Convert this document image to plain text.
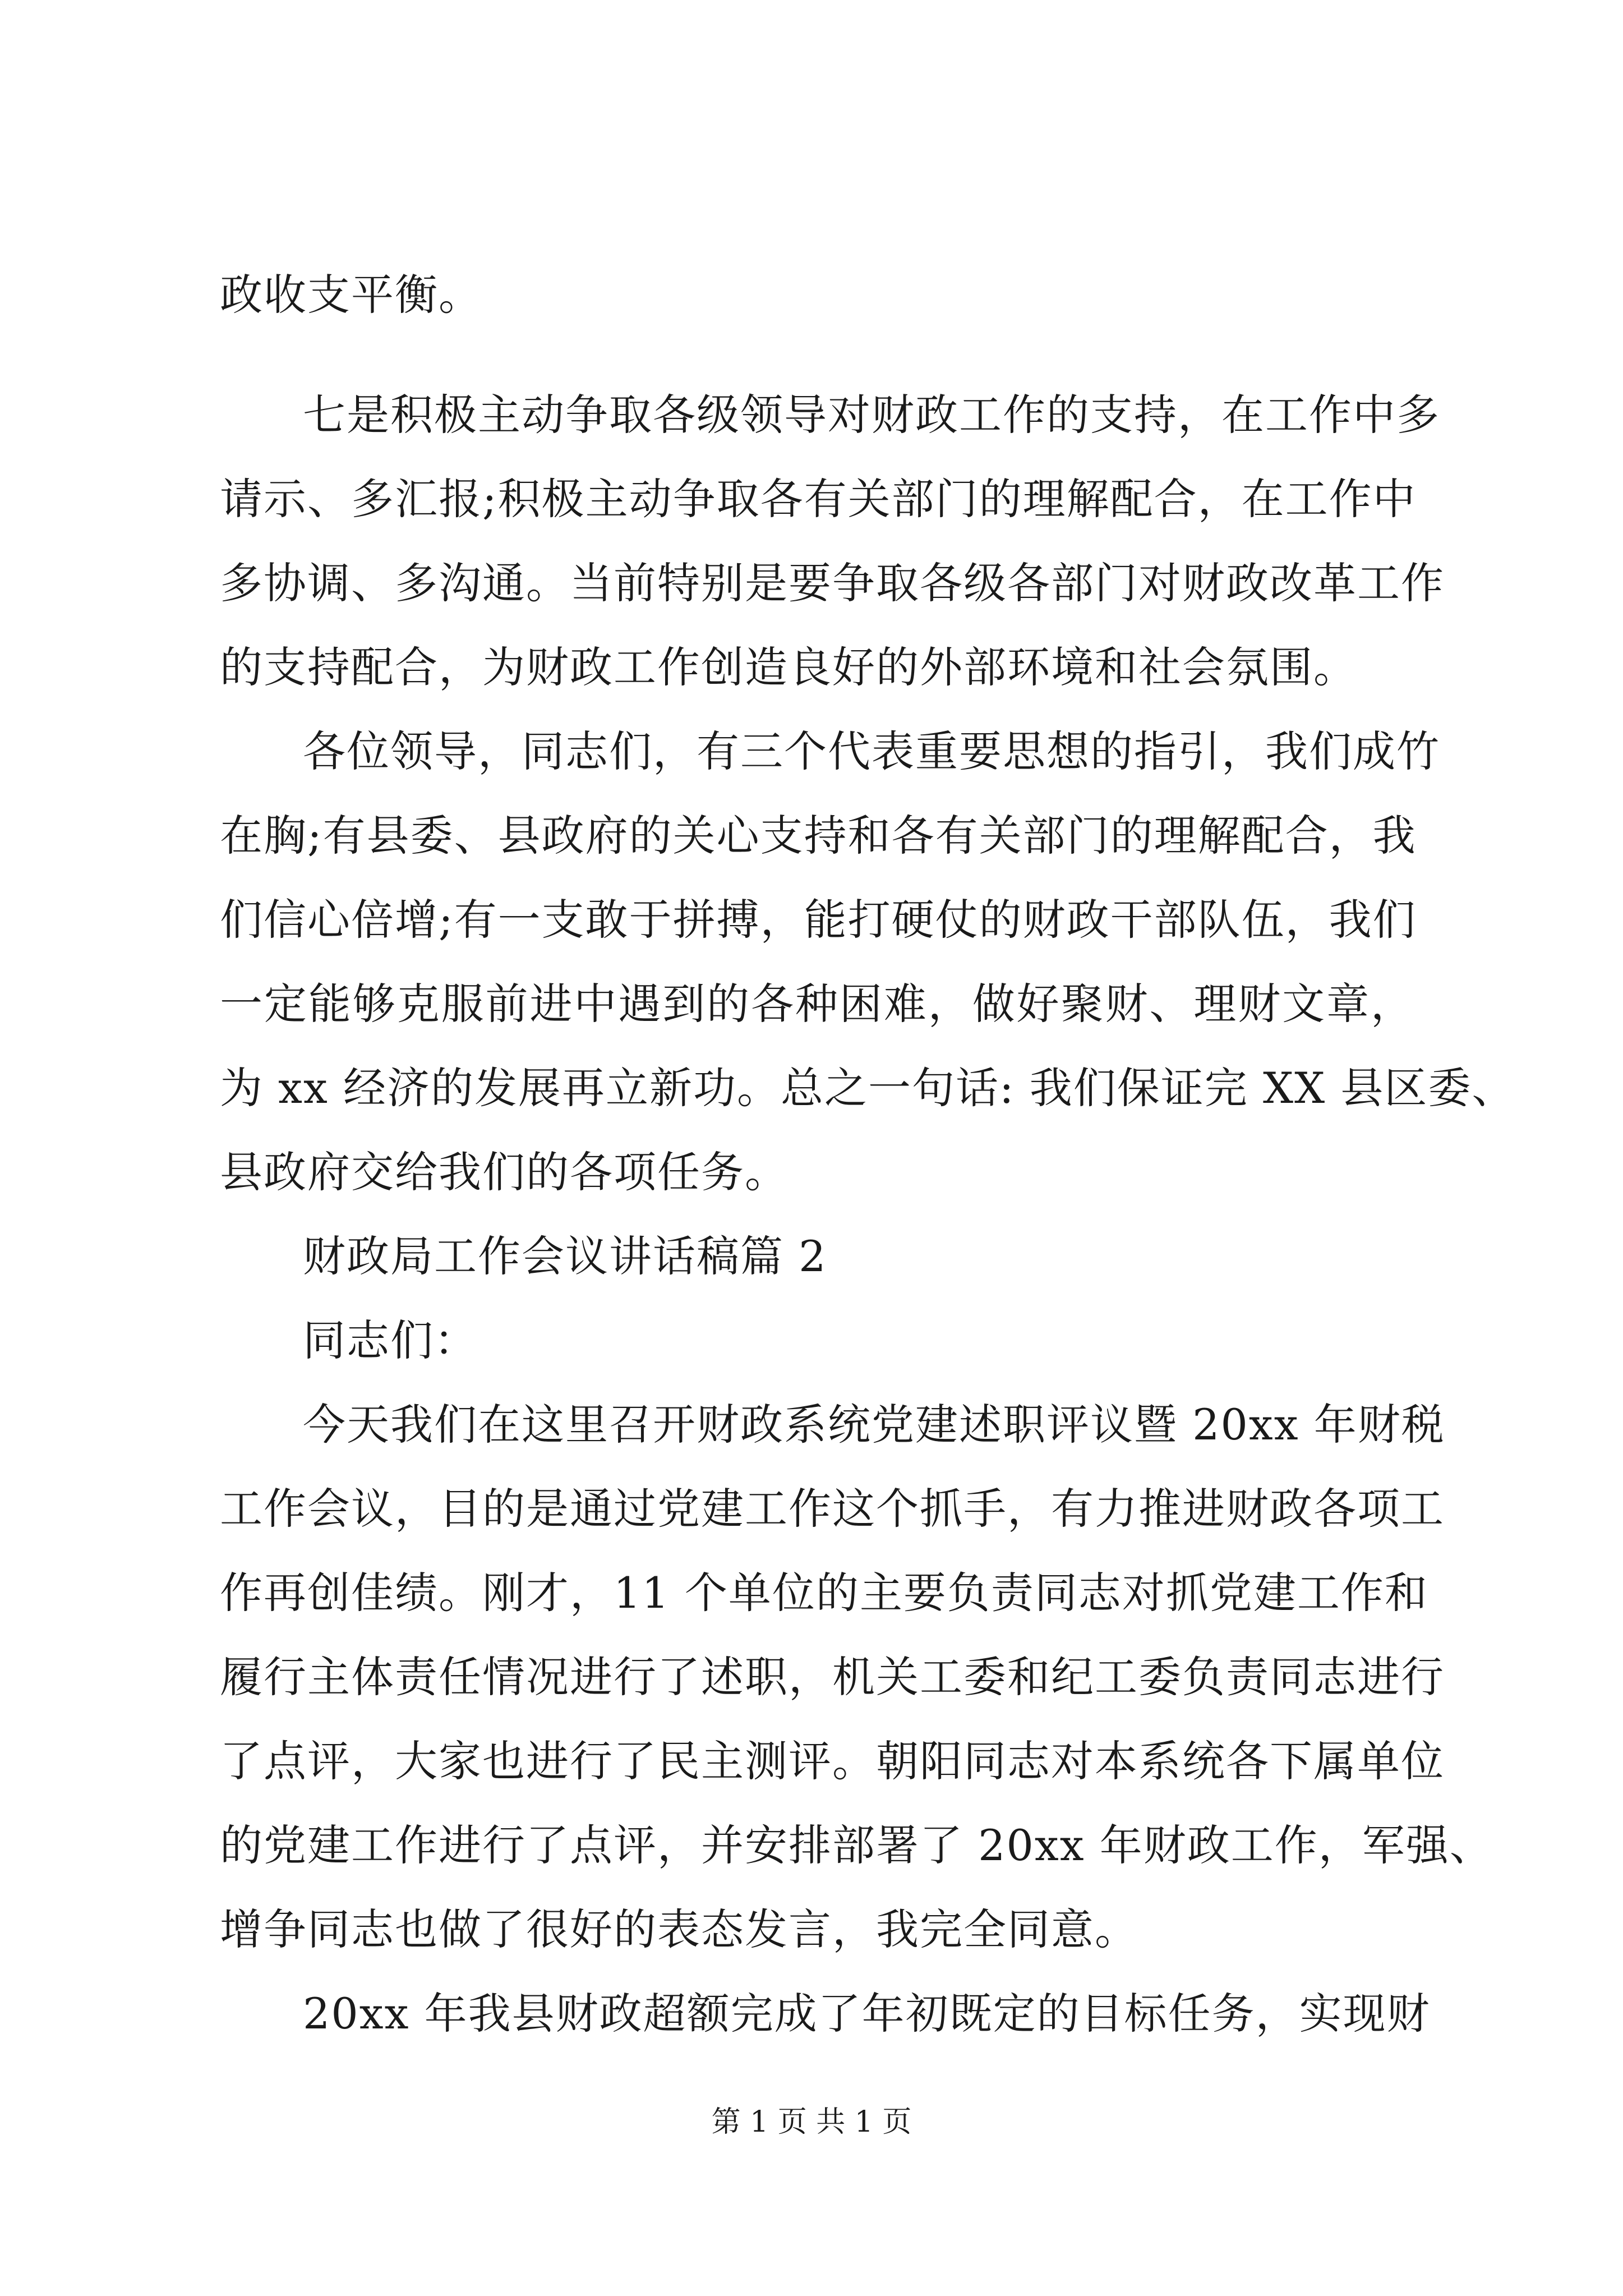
政收支平衡。
七是积极主动争取各级领导对财政工作的支持，在工作中多
请示、多汇报;积极主动争取各有关部门的理解配合，在工作中
多协调、多沟通。当前特别是要争取各级各部门对财政改革工作
的支持配合，为财政工作创造良好的外部环境和社会氛围。
各位领导，同志们，有三个代表重要思想的指引，我们成竹
在胸;有县委、县政府的关心支持和各有关部门的理解配合，我
们信心倍增;有一支敢于拼搏，能打硬仗的财政干部队伍，我们
一定能够克服前进中遇到的各种困难，做好聚财、理财文章，
为 xx 经济的发展再立新功。总之一句话: 我们保证完 XX 县区委、
县政府交给我们的各项任务。
财政局工作会议讲话稿篇 2
同志们：
今天我们在这里召开财政系统党建述职评议暨 20xx 年财税
工作会议，目的是通过党建工作这个抓手，有力推进财政各项工
作再创佳绩。刚才，11 个单位的主要负责同志对抓党建工作和
履行主体责任情况进行了述职，机关工委和纪工委负责同志进行
了点评，大家也进行了民主测评。朝阳同志对本系统各下属单位
的党建工作进行了点评，并安排部署了 20xx 年财政工作，军强、
增争同志也做了很好的表态发言，我完全同意。
20xx 年我县财政超额完成了年初既定的目标任务，实现财
第 1 页 共 1 页
